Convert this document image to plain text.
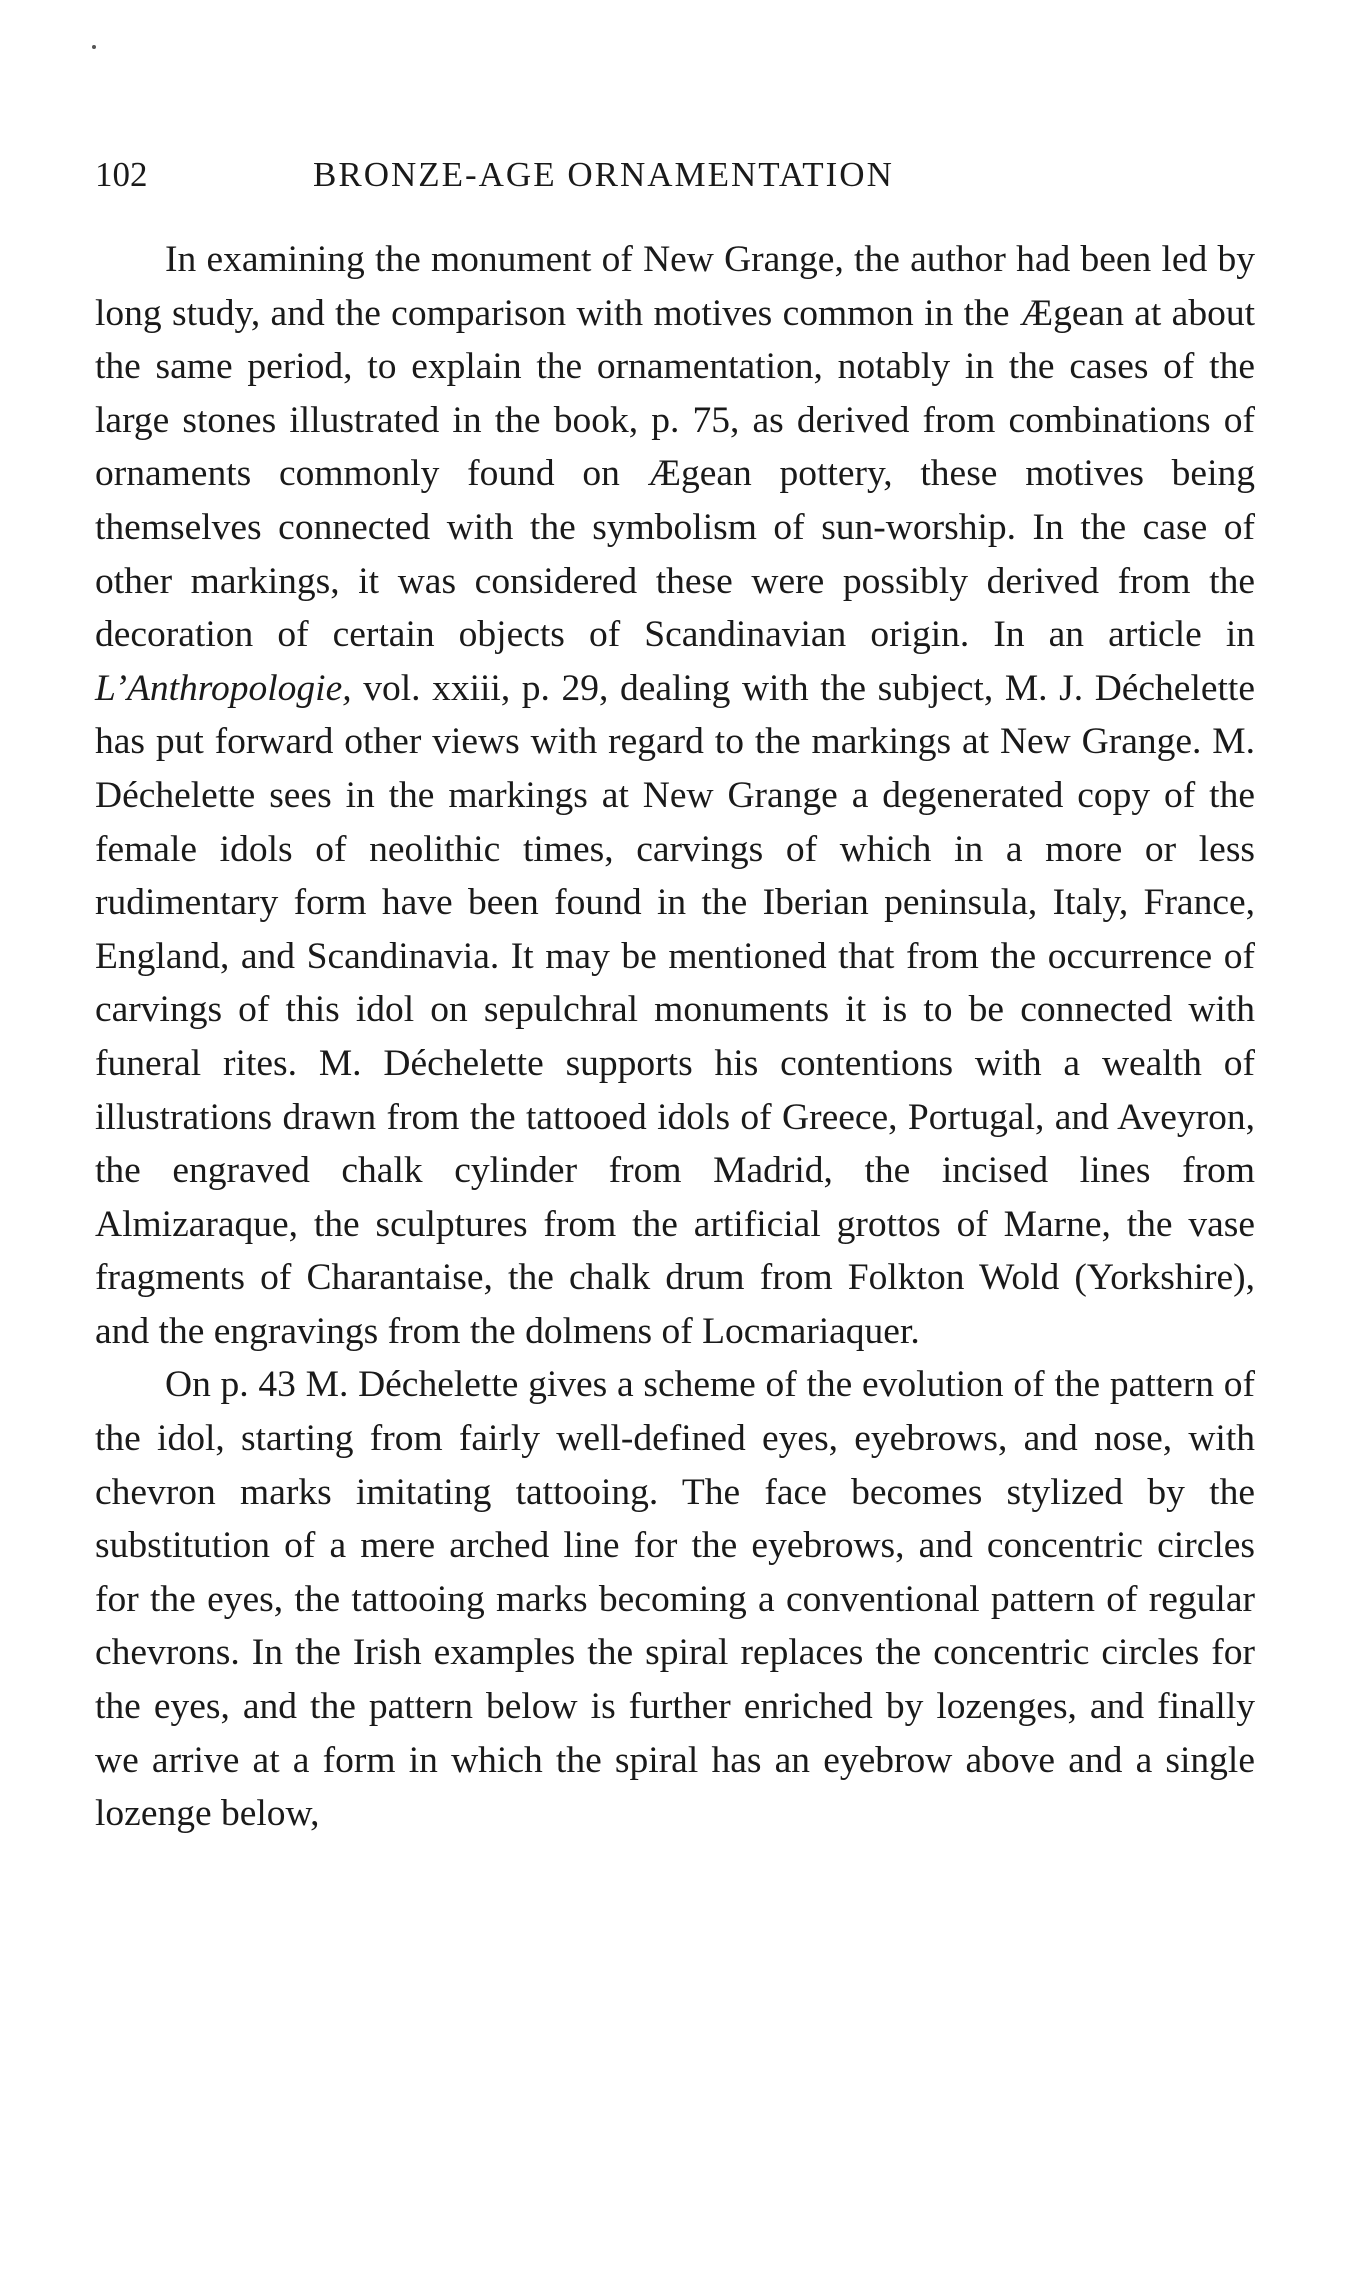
102	BRONZE-AGE ORNAMENTATION

In examining the monument of New Grange, the author had been led by long study, and the comparison with motives common in the Ægean at about the same period, to explain the ornamentation, notably in the cases of the large stones illustrated in the book, p. 75, as derived from combinations of ornaments commonly found on Ægean pottery, these motives being themselves connected with the symbolism of sun-worship. In the case of other markings, it was considered these were possibly derived from the decoration of certain objects of Scandinavian origin. In an article in L’Anthropologie, vol. xxiii, p. 29, dealing with the subject, M. J. Déchelette has put forward other views with regard to the markings at New Grange. M. Déchelette sees in the markings at New Grange a degenerated copy of the female idols of neolithic times, carvings of which in a more or less rudimentary form have been found in the Iberian peninsula, Italy, France, England, and Scandinavia. It may be mentioned that from the occurrence of carvings of this idol on sepulchral monuments it is to be connected with funeral rites. M. Déchelette supports his contentions with a wealth of illustrations drawn from the tattooed idols of Greece, Portugal, and Aveyron, the engraved chalk cylinder from Madrid, the incised lines from Almizaraque, the sculptures from the artificial grottos of Marne, the vase fragments of Charantaise, the chalk drum from Folkton Wold (Yorkshire), and the engravings from the dolmens of Locmariaquer.

On p. 43 M. Déchelette gives a scheme of the evolution of the pattern of the idol, starting from fairly well-defined eyes, eyebrows, and nose, with chevron marks imitating tattooing. The face becomes stylized by the substitution of a mere arched line for the eyebrows, and concentric circles for the eyes, the tattooing marks becoming a conventional pattern of regular chevrons. In the Irish examples the spiral replaces the concentric circles for the eyes, and the pattern below is further enriched by lozenges, and finally we arrive at a form in which the spiral has an eyebrow above and a single lozenge below,
